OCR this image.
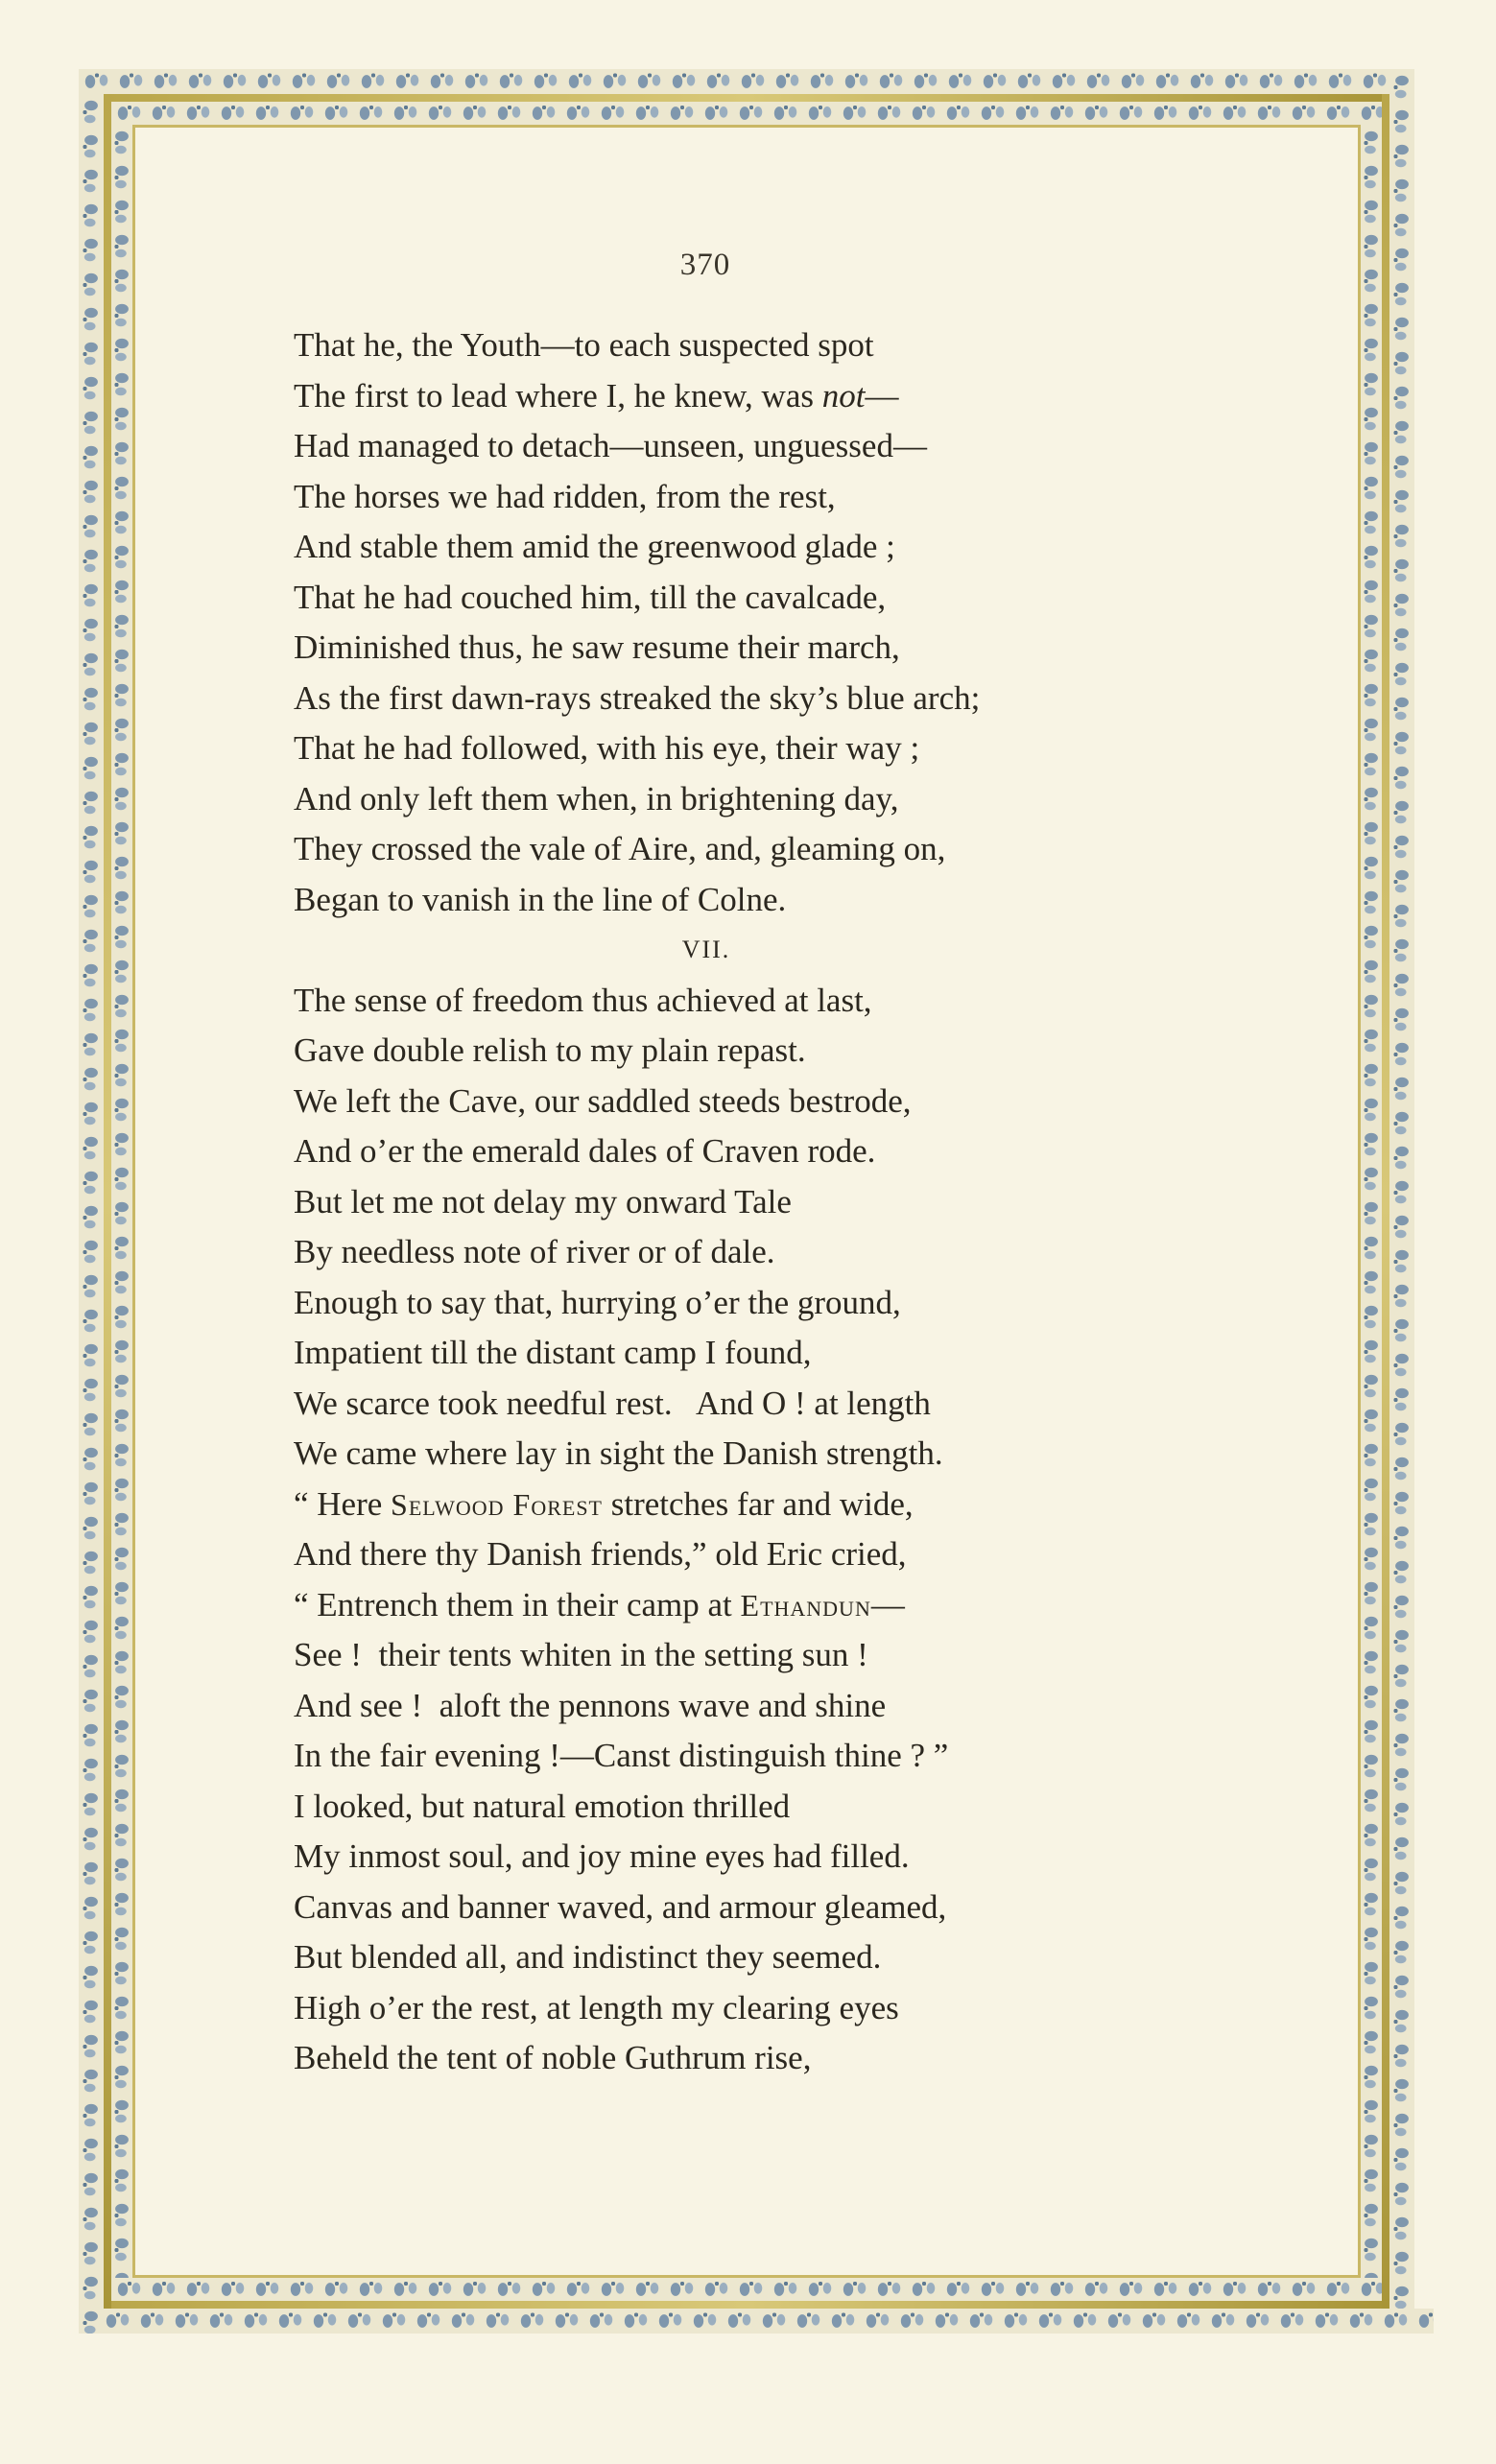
370
That he, the Youth—to each suspected spot
The first to lead where I, he knew, was not—
Had managed to detach—unseen, unguessed—
The horses we had ridden, from the rest,
And stable them amid the greenwood glade ;
That he had couched him, till the cavalcade,
Diminished thus, he saw resume their march,
As the first dawn-rays streaked the sky’s blue arch;
That he had followed, with his eye, their way ;
And only left them when, in brightening day,
They crossed the vale of Aire, and, gleaming on,
Began to vanish in the line of Colne.
VII.
The sense of freedom thus achieved at last,
Gave double relish to my plain repast.
We left the Cave, our saddled steeds bestrode,
And o’er the emerald dales of Craven rode.
But let me not delay my onward Tale
By needless note of river or of dale.
Enough to say that, hurrying o’er the ground,
Impatient till the distant camp I found,
We scarce took needful rest.   And O ! at length
We came where lay in sight the Danish strength.
“ Here Selwood Forest stretches far and wide,
And there thy Danish friends,” old Eric cried,
“ Entrench them in their camp at Ethandun—
See !  their tents whiten in the setting sun !
And see !  aloft the pennons wave and shine
In the fair evening !—Canst distinguish thine ? ”
I looked, but natural emotion thrilled
My inmost soul, and joy mine eyes had filled.
Canvas and banner waved, and armour gleamed,
But blended all, and indistinct they seemed.
High o’er the rest, at length my clearing eyes
Beheld the tent of noble Guthrum rise,
